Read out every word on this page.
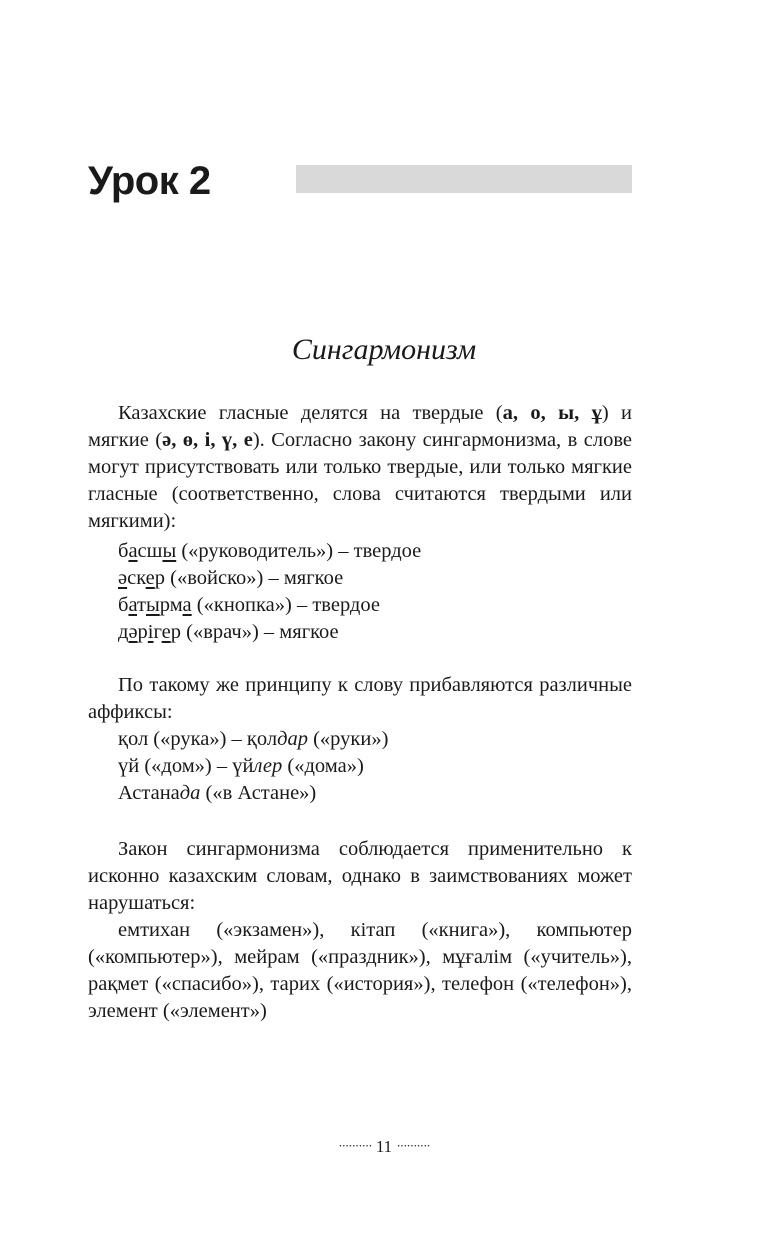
Урок 2
Сингармонизм
Казахские гласные делятся на твердые (а, о, ы, ұ) и мягкие (ә, ө, і, ү, е). Согласно закону сингармонизма, в слове могут присутствовать или только твердые, или только мягкие гласные (соответственно, слова считаются твердыми или мягкими):
басшы («руководитель») – твердое
әскер («войско») – мягкое
батырма («кнопка») – твердое
дәрігер («врач») – мягкое
По такому же принципу к слову прибавляются различные аффиксы:
қол («рука») – қолдар («руки»)
үй («дом») – үйлер («дома»)
Астанада («в Астане»)
Закон сингармонизма соблюдается применительно к исконно казахским словам, однако в заимствованиях может нарушаться:
емтихан («экзамен»), кітап («книга»), компьютер («компьютер»), мейрам («праздник»), мұғалім («учитель»), рақмет («спасибо»), тарих («история»), телефон («телефон»), элемент («элемент»)
·········· 11 ··········
